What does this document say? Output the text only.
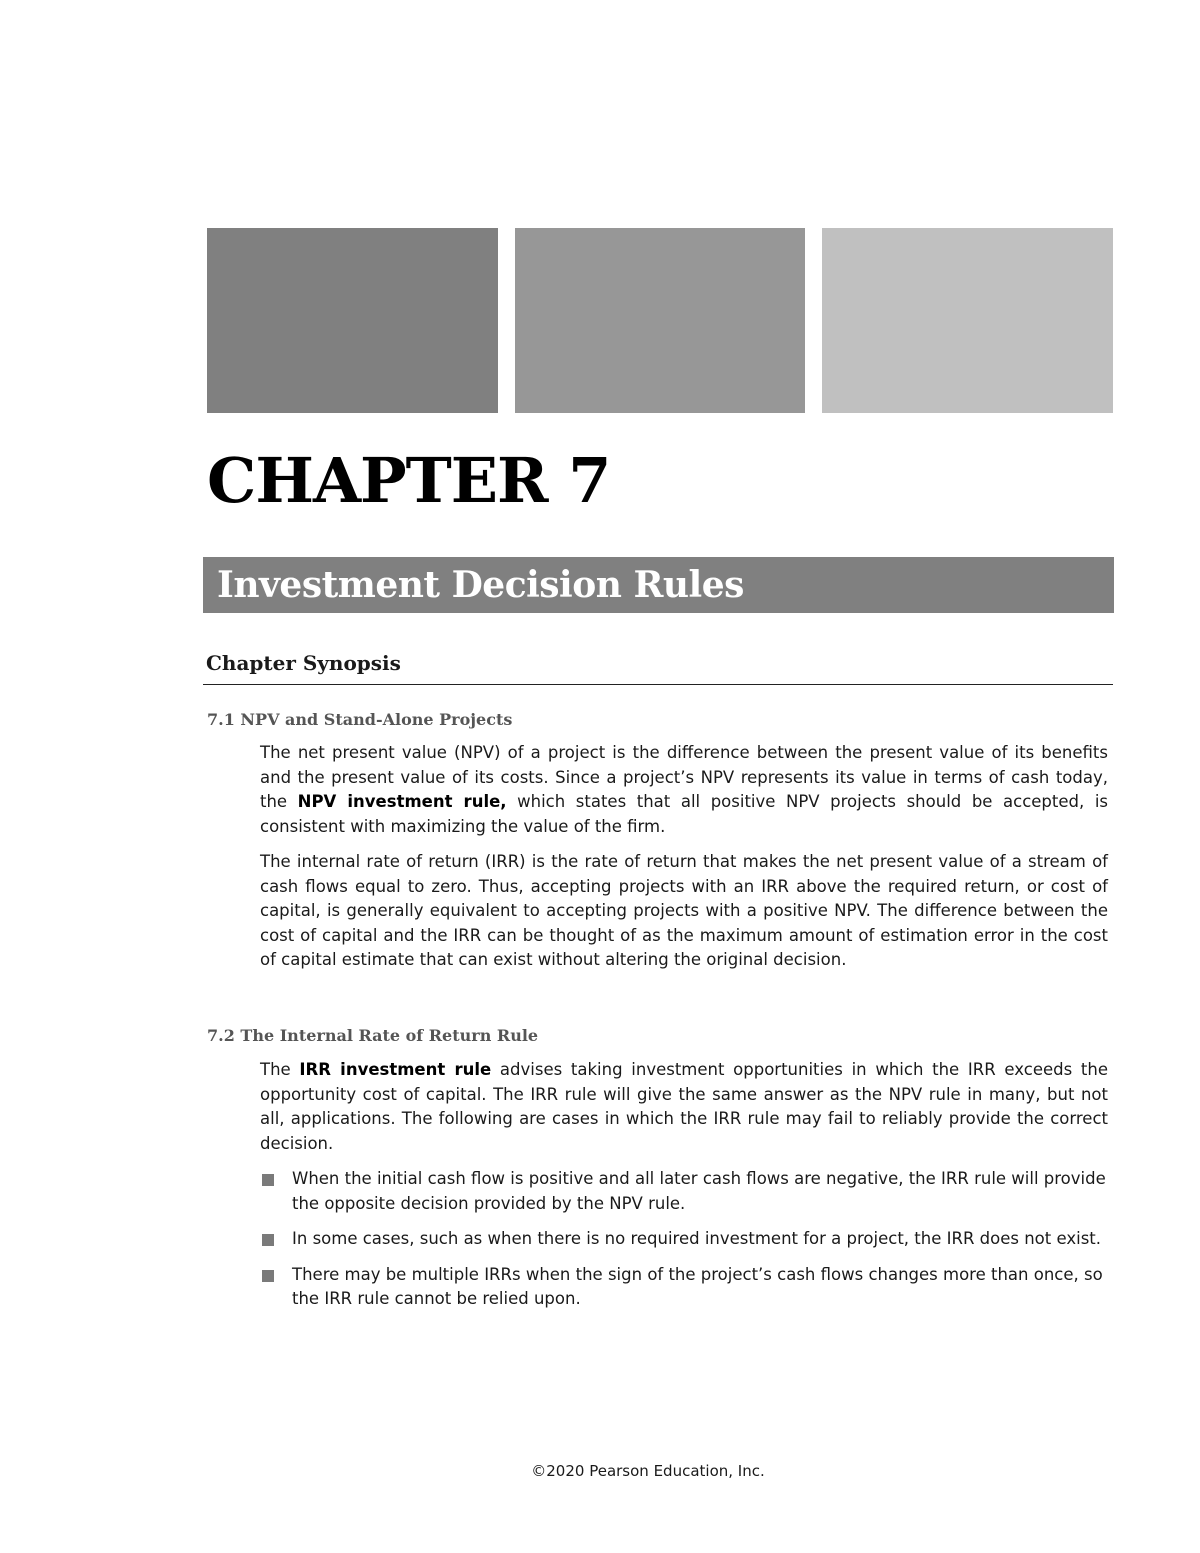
CHAPTER 7
Investment Decision Rules
Chapter Synopsis
7.1 NPV and Stand-Alone Projects

The net present value (NPV) of a project is the difference between the present value of its benefits and the present value of its costs. Since a project’s NPV represents its value in terms of cash today, the NPV investment rule, which states that all positive NPV projects should be accepted, is consistent with maximizing the value of the firm.

The internal rate of return (IRR) is the rate of return that makes the net present value of a stream of cash flows equal to zero. Thus, accepting projects with an IRR above the required return, or cost of capital, is generally equivalent to accepting projects with a positive NPV. The difference between the cost of capital and the IRR can be thought of as the maximum amount of estimation error in the cost of capital estimate that can exist without altering the original decision.

7.2 The Internal Rate of Return Rule

The IRR investment rule advises taking investment opportunities in which the IRR exceeds the opportunity cost of capital. The IRR rule will give the same answer as the NPV rule in many, but not all, applications. The following are cases in which the IRR rule may fail to reliably provide the correct decision.

When the initial cash flow is positive and all later cash flows are negative, the IRR rule will provide the opposite decision provided by the NPV rule.
In some cases, such as when there is no required investment for a project, the IRR does not exist.
There may be multiple IRRs when the sign of the project’s cash flows changes more than once, so the IRR rule cannot be relied upon.
©2020 Pearson Education, Inc.
